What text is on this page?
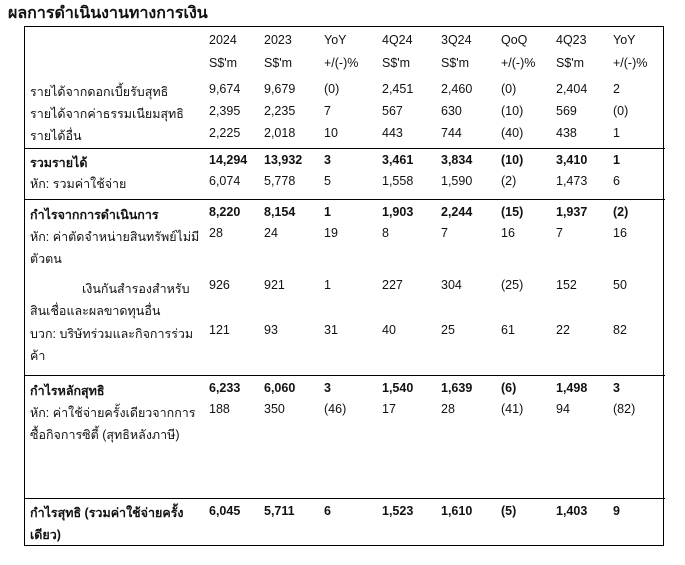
ผลการดำเนินงานทางการเงิน
	2024	2023	YoY	4Q24	3Q24	QoQ	4Q23	YoY
	S$'m	S$'m	+/(-)%	S$'m	S$'m	+/(-)%	S$'m	+/(-)%
รายได้จากดอกเบี้ยรับสุทธิ	9,674	9,679	(0)	2,451	2,460	(0)	2,404	2
รายได้จากค่าธรรมเนียมสุทธิ	2,395	2,235	7	567	630	(10)	569	(0)
รายได้อื่น	2,225	2,018	10	443	744	(40)	438	1
รวมรายได้	14,294	13,932	3	3,461	3,834	(10)	3,410	1
หัก: รวมค่าใช้จ่าย	6,074	5,778	5	1,558	1,590	(2)	1,473	6
กำไรจากการดำเนินการ	8,220	8,154	1	1,903	2,244	(15)	1,937	(2)
หัก: ค่าตัดจำหน่ายสินทรัพย์ไม่มีตัวตน	28	24	19	8	7	16	7	16
เงินกันสำรองสำหรับสินเชื่อและผลขาดทุนอื่น	926	921	1	227	304	(25)	152	50
บวก: บริษัทร่วมและกิจการร่วมค้า	121	93	31	40	25	61	22	82
กำไรหลักสุทธิ	6,233	6,060	3	1,540	1,639	(6)	1,498	3
หัก: ค่าใช้จ่ายครั้งเดียวจากการซื้อกิจการซิตี้ (สุทธิหลังภาษี)	188	350	(46)	17	28	(41)	94	(82)
กำไรสุทธิ (รวมค่าใช้จ่ายครั้งเดียว)	6,045	5,711	6	1,523	1,610	(5)	1,403	9
